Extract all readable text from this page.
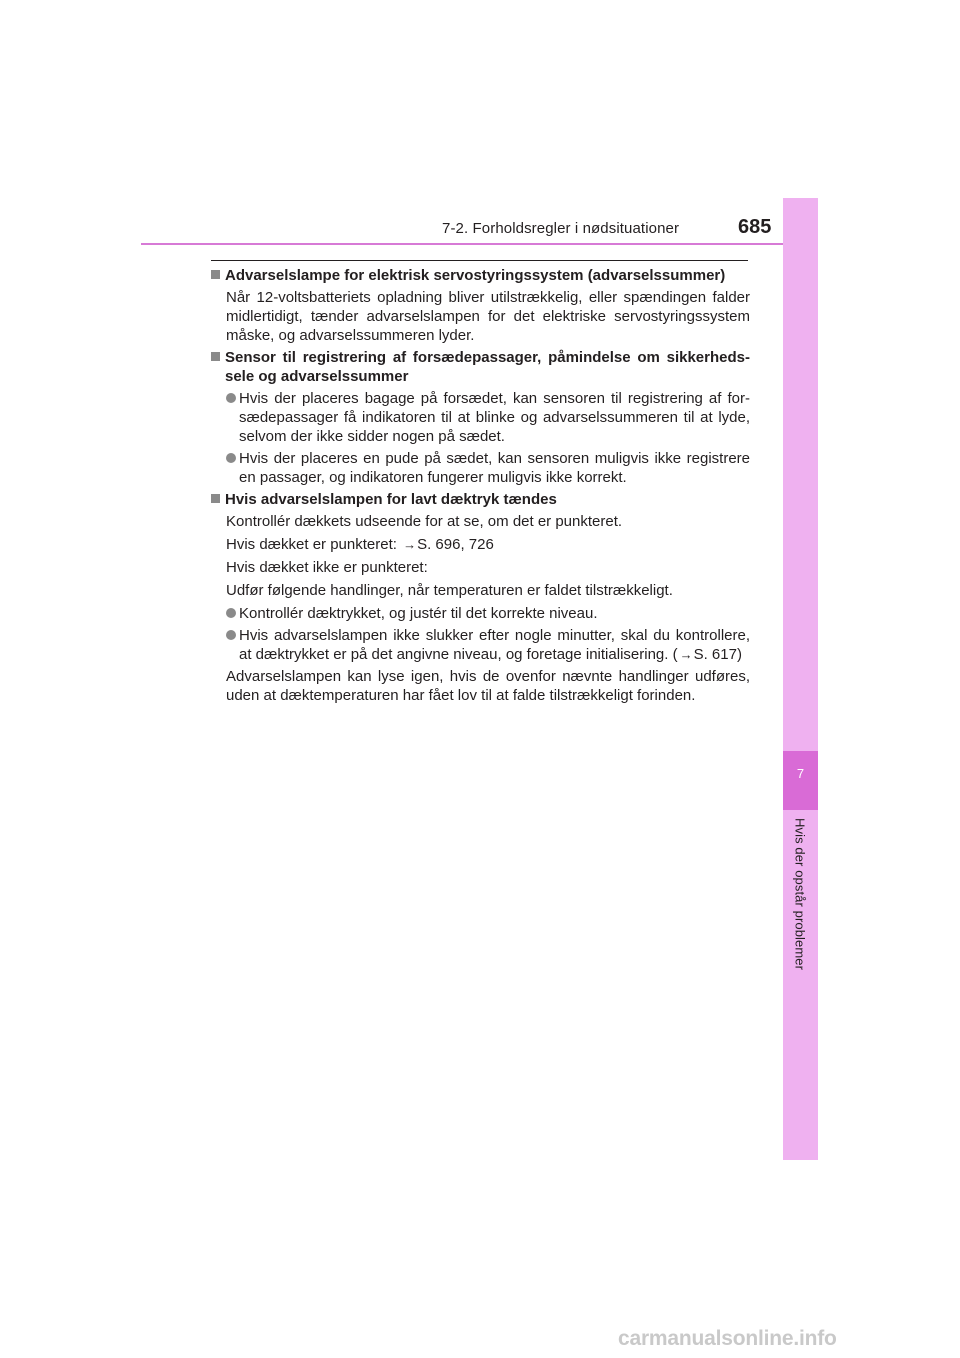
7-2. Forholdsregler i nødsituationer	685
7
Hvis der opstår problemer
Advarselslampe for elektrisk servostyringssystem (advarselssummer)
Når 12-voltsbatteriets opladning bliver utilstrækkelig, eller spændingen falder midlertidigt, tænder advarselslampen for det elektriske servostyringssystem måske, og advarselssummeren lyder.
Sensor til registrering af forsædepassager, påmindelse om sikkerheds-sele og advarselssummer
Hvis der placeres bagage på forsædet, kan sensoren til registrering af for-sædepassager få indikatoren til at blinke og advarselssummeren til at lyde, selvom der ikke sidder nogen på sædet.
Hvis der placeres en pude på sædet, kan sensoren muligvis ikke registrere en passager, og indikatoren fungerer muligvis ikke korrekt.
Hvis advarselslampen for lavt dæktryk tændes
Kontrollér dækkets udseende for at se, om det er punkteret.
Hvis dækket er punkteret: →S. 696, 726
Hvis dækket ikke er punkteret:
Udfør følgende handlinger, når temperaturen er faldet tilstrækkeligt.
Kontrollér dæktrykket, og justér til det korrekte niveau.
Hvis advarselslampen ikke slukker efter nogle minutter, skal du kontrollere, at dæktrykket er på det angivne niveau, og foretage initialisering. ( →S. 617)
Advarselslampen kan lyse igen, hvis de ovenfor nævnte handlinger udføres, uden at dæktemperaturen har fået lov til at falde tilstrækkeligt forinden.
carmanualsonline.info
